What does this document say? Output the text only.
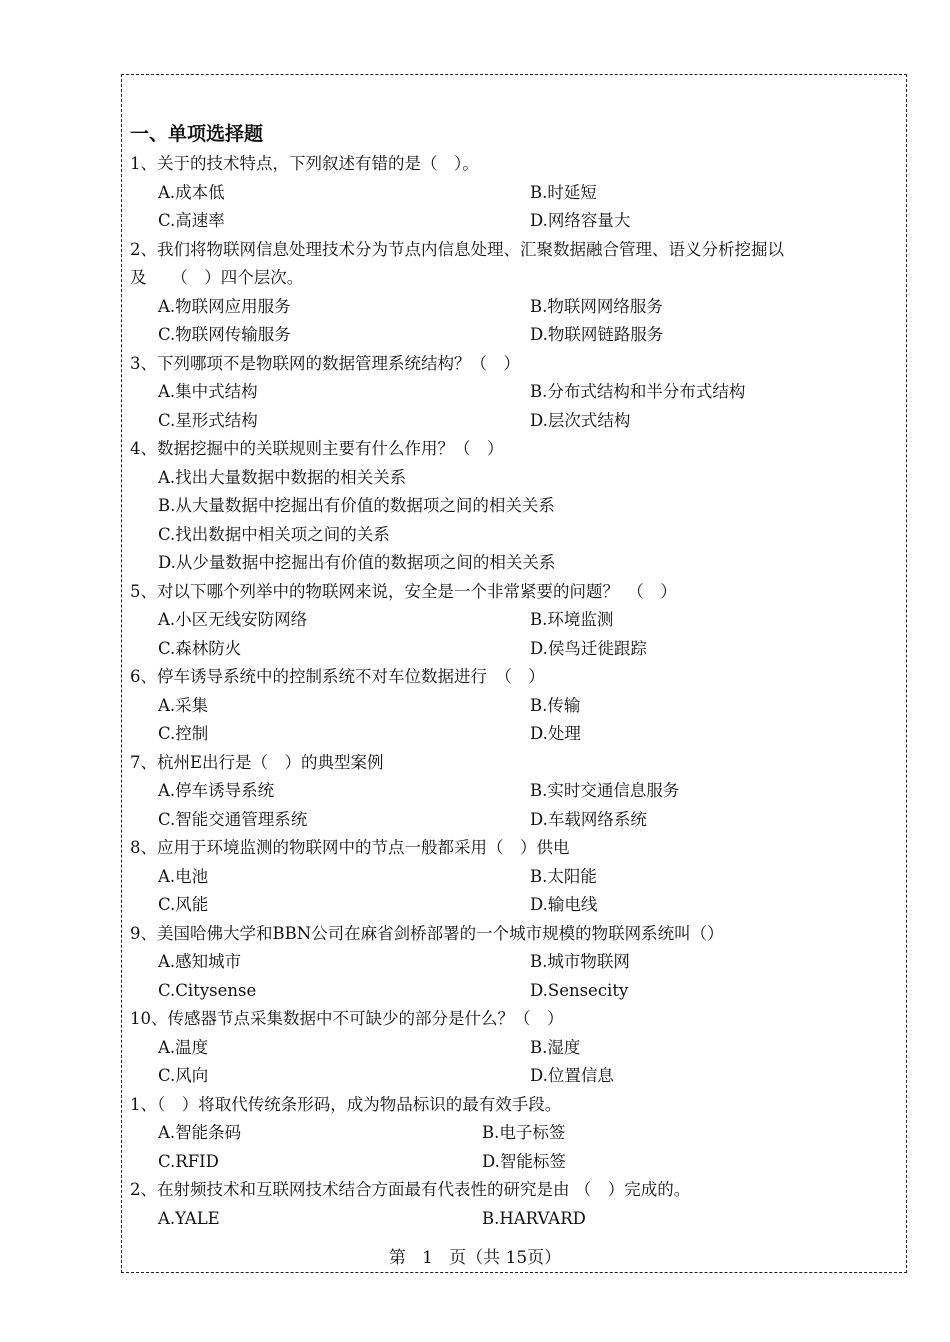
一、单项选择题
1、关于的技术特点，下列叙述有错的是（　）。
A.成本低	B.时延短
C.高速率	D.网络容量大
2、我们将物联网信息处理技术分为节点内信息处理、汇聚数据融合管理、语义分析挖掘以
及　　（　）四个层次。
A.物联网应用服务	B.物联网网络服务
C.物联网传输服务	D.物联网链路服务
3、下列哪项不是物联网的数据管理系统结构？（　）
A.集中式结构	B.分布式结构和半分布式结构
C.星形式结构	D.层次式结构
4、数据挖掘中的关联规则主要有什么作用？（　）
A.找出大量数据中数据的相关关系
B.从大量数据中挖掘出有价值的数据项之间的相关关系
C.找出数据中相关项之间的关系
D.从少量数据中挖掘出有价值的数据项之间的相关关系
5、对以下哪个列举中的物联网来说，安全是一个非常紧要的问题？　（　）
A.小区无线安防网络	B.环境监测
C.森林防火	D.侯鸟迁徙跟踪
6、停车诱导系统中的控制系统不对车位数据进行　（　）
A.采集	B.传输
C.控制	D.处理
7、杭州E出行是（　）的典型案例
A.停车诱导系统	B.实时交通信息服务
C.智能交通管理系统	D.车载网络系统
8、应用于环境监测的物联网中的节点一般都采用（　）供电
A.电池	B.太阳能
C.风能	D.输电线
9、美国哈佛大学和BBN公司在麻省剑桥部署的一个城市规模的物联网系统叫（）
A.感知城市	B.城市物联网
C.Citysense	D.Sensecity
10、传感器节点采集数据中不可缺少的部分是什么？（　）
A.温度	B.湿度
C.风向	D.位置信息
1、（　）将取代传统条形码，成为物品标识的最有效手段。
A.智能条码	B.电子标签
C.RFID	D.智能标签
2、在射频技术和互联网技术结合方面最有代表性的研究是由 （　）完成的。
A.YALE	B.HARVARD
第 1 页（共 15页）
